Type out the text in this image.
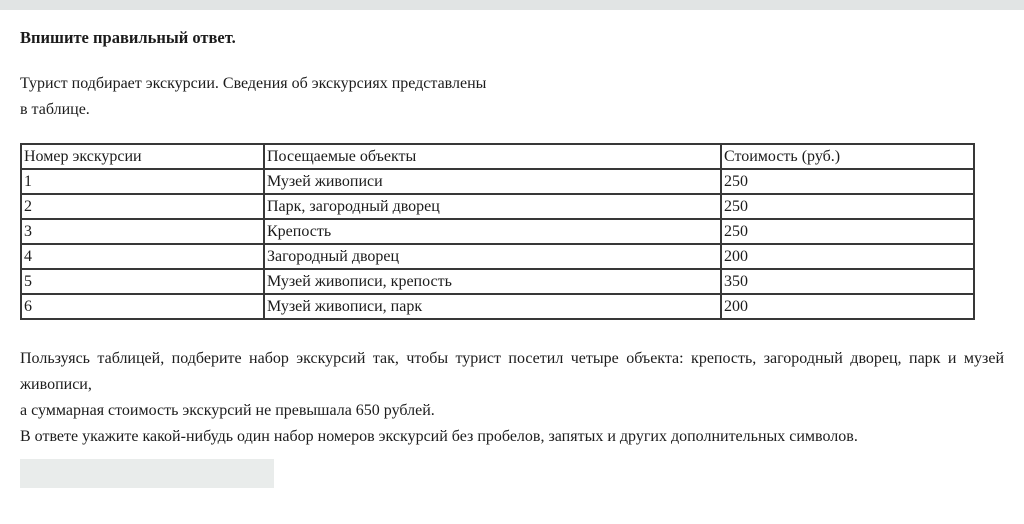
Впишите правильный ответ.
Турист подбирает экскурсии. Сведения об экскурсиях представлены
в таблице.
Номер экскурсии	Посещаемые объекты	Стоимость (руб.)
1	Музей живописи	250
2	Парк, загородный дворец	250
3	Крепость	250
4	Загородный дворец	200
5	Музей живописи, крепость	350
6	Музей живописи, парк	200
Пользуясь таблицей, подберите набор экскурсий так, чтобы турист посетил четыре объекта: крепость, загородный дворец, парк и музей живописи,
а суммарная стоимость экскурсий не превышала 650 рублей.
В ответе укажите какой-нибудь один набор номеров экскурсий без пробелов, запятых и других дополнительных символов.
